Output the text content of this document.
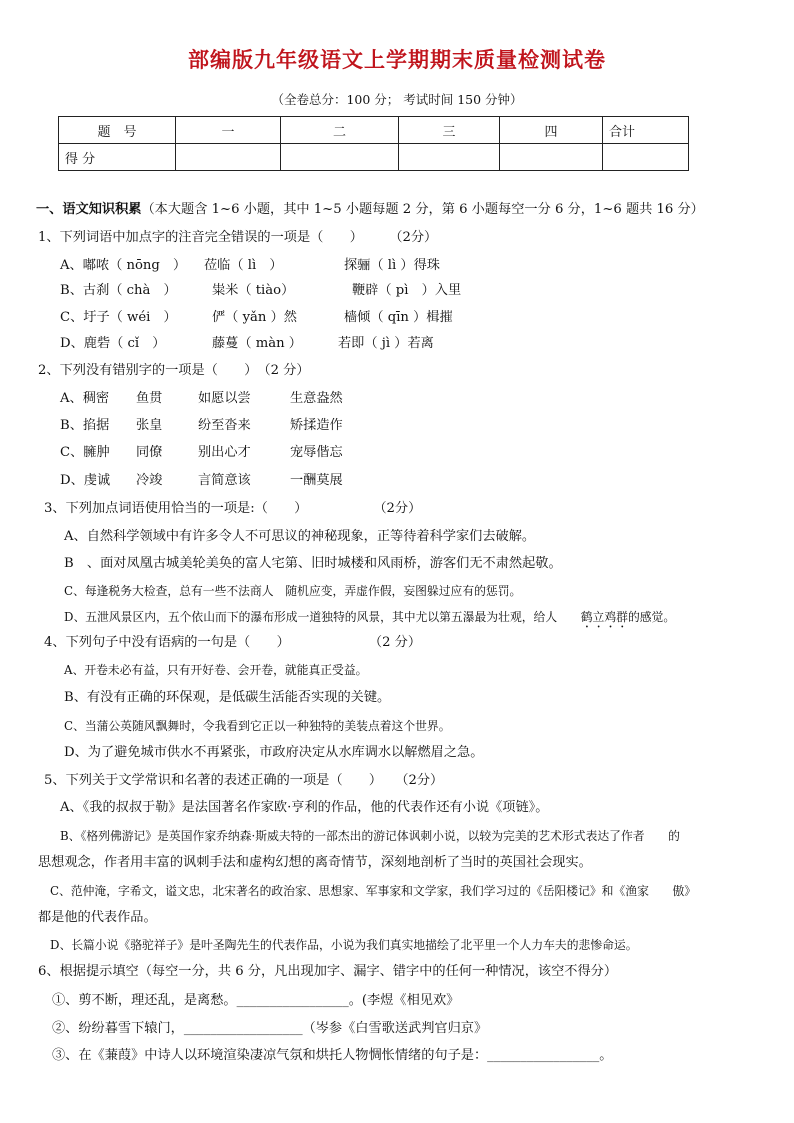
部编版九年级语文上学期期末质量检测试卷
（全卷总分：100 分； 考试时间 150 分钟）
题　号	一	二	三	四	合计
得 分					
一、语文知识积累（本大题含 1~6 小题，其中 1~5 小题每题 2 分，第 6 小题每空一分 6 分，1~6 题共 16 分）
1、下列词语中加点字的注音完全错误的一项是（　　）　　　（2分）
A、嘟哝（ nōng　） 莅临（ lì　）	探骊（ lì ）得珠
B、古刹（ chà　）	粜米（ tiào）	鞭辟（ pì　）入里
C、圩子（ wéi　）	俨（ yǎn ）然	樯倾（ qīn ）楫摧
D、鹿砦（ cǐ　）	藤蔓（ màn ）	若即（ jì ）若离
2、下列没有错别字的一项是（　　）　（2 分）
A、稠密 鱼贯	如愿以尝	生意盎然
B、掐据 张皇	纷至沓来	矫揉造作
C、臃肿 同僚	别出心才	宠辱偕忘
D、虔诚 冷竣	言简意该	一酬莫展
3、下列加点词语使用恰当的一项是:（　　）　　　　　　（2分）
A、自然科学领域中有许多令人不可思议的神秘现象，正等待着科学家们去破解。
B　、面对凤凰古城美轮美奂的富人宅第、旧时城楼和风雨桥，游客们无不肃然起敬。
C、每逢税务大检查，总有一些不法商人　随机应变，弄虚作假，妄图躲过应有的惩罚。
D、五泄风景区内，五个依山而下的瀑布形成一道独特的风景，其中尤以第五瀑最为壮观，给人　　鹤立鸡群的感觉。
4、下列句子中没有语病的一句是（　　）　　　　　　　（2 分）
A、开卷未必有益，只有开好卷、会开卷，就能真正受益。
B、有没有正确的环保观，是低碳生活能否实现的关键。
C、当蒲公英随风飘舞时，令我看到它正以一种独特的美装点着这个世界。
D、为了避免城市供水不再紧张，市政府决定从水库调水以解燃眉之急。
5、下列关于文学常识和名著的表述正确的一项是（　　）　　（2分）
A、《我的叔叔于勒》是法国著名作家欧·亨利的作品，他的代表作还有小说《项链》。
B、《格列佛游记》是英国作家乔纳森·斯威夫特的一部杰出的游记体讽刺小说，以较为完美的艺术形式表达了作者　　的
思想观念，作者用丰富的讽刺手法和虚构幻想的离奇情节，深刻地剖析了当时的英国社会现实。
C、范仲淹，字希文，谥文忠，北宋著名的政治家、思想家、军事家和文学家，我们学习过的《岳阳楼记》和《渔家　　傲》
都是他的代表作品。
D、长篇小说《骆驼祥子》是叶圣陶先生的代表作品，小说为我们真实地描绘了北平里一个人力车夫的悲惨命运。
6、根据提示填空（每空一分，共 6 分，凡出现加字、漏字、错字中的任何一种情况，该空不得分）
①、剪不断，理还乱，是离愁。_________________。(李煜《相见欢》
②、纷纷暮雪下辕门，__________________（岑参《白雪歌送武判官归京》
③、在《蒹葭》中诗人以环境渲染凄凉气氛和烘托人物惆怅情绪的句子是：_________________。
